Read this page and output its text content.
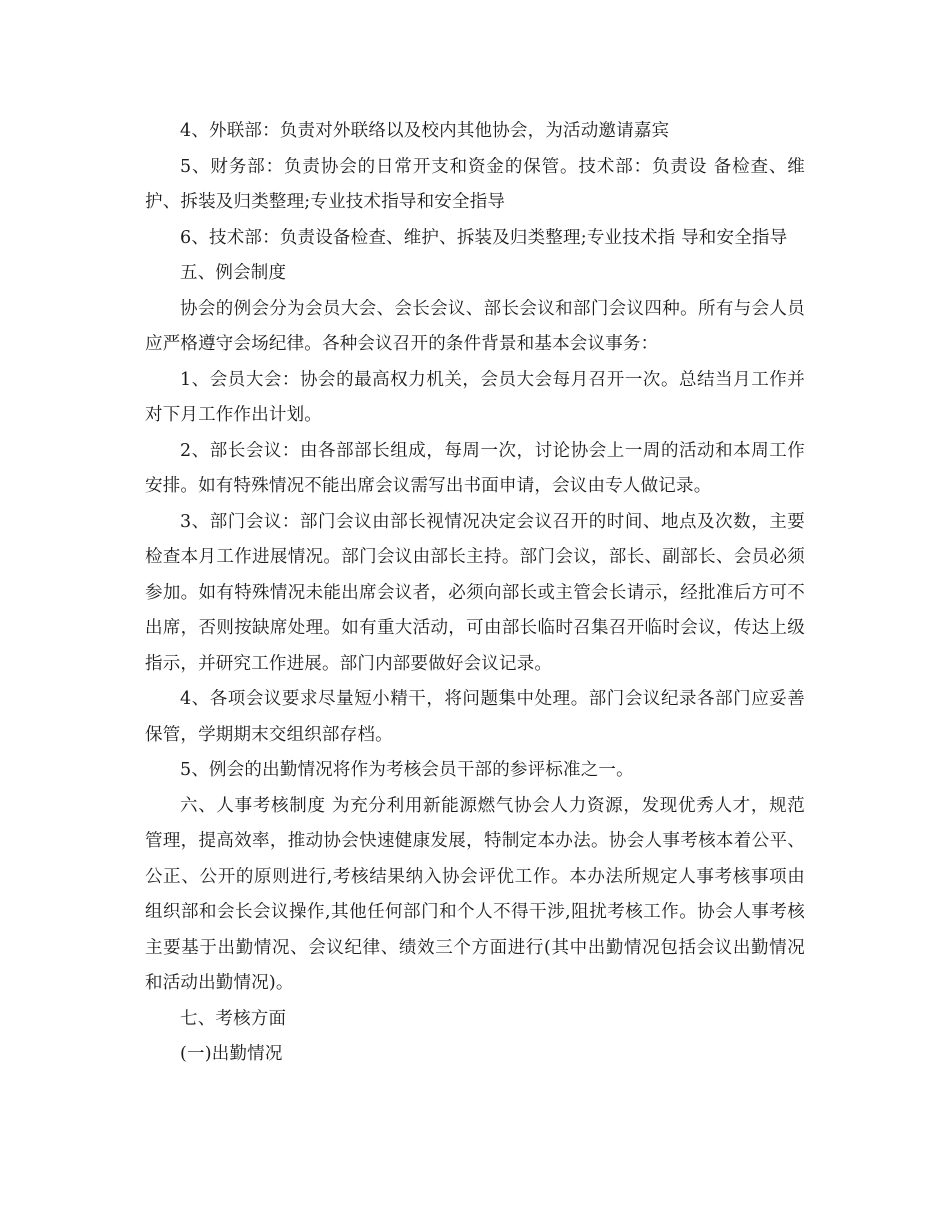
4、外联部：负责对外联络以及校内其他协会，为活动邀请嘉宾

5、财务部：负责协会的日常开支和资金的保管。技术部：负责设 备检查、维护、拆装及归类整理;专业技术指导和安全指导

6、技术部：负责设备检查、维护、拆装及归类整理;专业技术指 导和安全指导

五、例会制度

协会的例会分为会员大会、会长会议、部长会议和部门会议四种。所有与会人员应严格遵守会场纪律。各种会议召开的条件背景和基本会议事务：

1、会员大会：协会的最高权力机关，会员大会每月召开一次。总结当月工作并对下月工作作出计划。

2、部长会议：由各部部长组成，每周一次，讨论协会上一周的活动和本周工作安排。如有特殊情况不能出席会议需写出书面申请，会议由专人做记录。

3、部门会议：部门会议由部长视情况决定会议召开的时间、地点及次数，主要检查本月工作进展情况。部门会议由部长主持。部门会议，部长、副部长、会员必须参加。如有特殊情况未能出席会议者，必须向部长或主管会长请示，经批准后方可不出席，否则按缺席处理。如有重大活动，可由部长临时召集召开临时会议，传达上级指示，并研究工作进展。部门内部要做好会议记录。

4、各项会议要求尽量短小精干，将问题集中处理。部门会议纪录各部门应妥善保管，学期期末交组织部存档。

5、例会的出勤情况将作为考核会员干部的参评标准之一。

六、人事考核制度 为充分利用新能源燃气协会人力资源，发现优秀人才，规范管理，提高效率，推动协会快速健康发展，特制定本办法。协会人事考核本着公平、公正、公开的原则进行,考核结果纳入协会评优工作。本办法所规定人事考核事项由组织部和会长会议操作,其他任何部门和个人不得干涉,阻扰考核工作。协会人事考核主要基于出勤情况、会议纪律、绩效三个方面进行(其中出勤情况包括会议出勤情况和活动出勤情况)。

七、考核方面

(一)出勤情况
